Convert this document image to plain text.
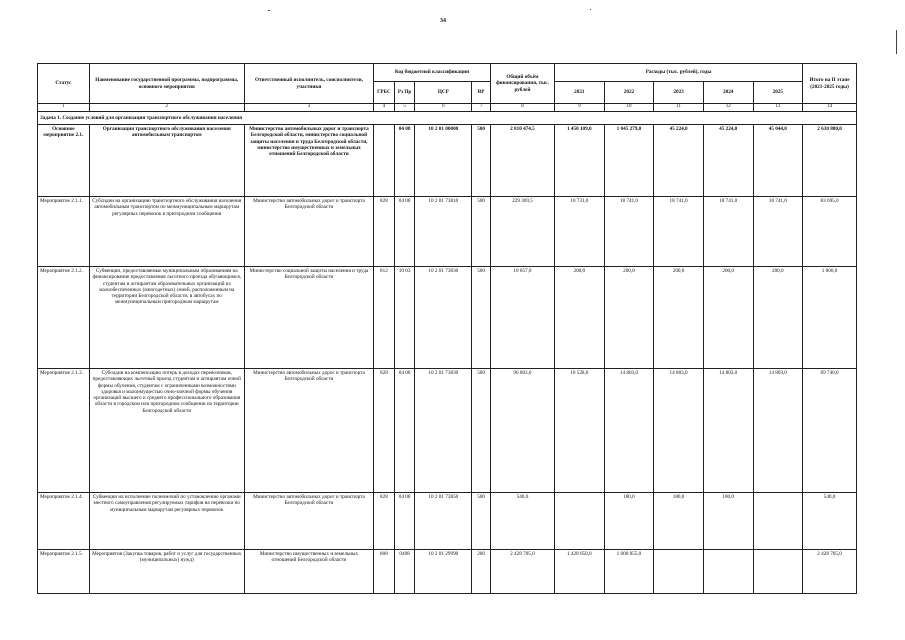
34
Статус	Наименование государственной программы, подпрограммы, основного мероприятия	Ответственный исполнитель, соисполнители, участники	Код бюджетной классификации				Общий объём финансирования, тыс. рублей	Расходы (тыс. рублей), годы					Итого на II этапе (2021-2025 годы)
			ГРБС	Рз Пр	ЦСР	ВР		2021	2022	2023	2024	2025	
1	2	3	4	5	6	7	8	9	10	11	12	13	14
Задача 1. Создание условий для организации транспортного обслуживания населения													
Основное мероприятие 2.1.	Организация транспортного обслуживания населения автомобильным транспортом	Министерство автомобильных дорог и транспорта Белгородской области, министерство социальной защиты населения и труда Белгородской области, министерство имущественных и земельных отношений Белгородской области		04 08	10 2 01 00000	500	2 810 474,5	1 450 109,0	1 045 279,0	45 224,0	45 224,0	45 044,0	2 630 880,0
Мероприятие 2.1.1.	Субсидии на организацию транспортного обслуживания населения автомобильным транспортом по межмуниципальным маршрутам регулярных перевозок в пригородном сообщении	Министерство автомобильных дорог и транспорта Белгородской области	828	04 08	10 2 01 73810	500	229 369,5	10 731,0	18 741,0	18 741,0	18 741,0	18 741,0	83 695,0
Мероприятие 2.1.2.	Субвенции, предоставляемые муниципальным образованиям на финансирование предоставления льготного проезда обучающимся, студентам и аспирантам образовательных организаций из малообеспеченных (многодетных) семей, расположенным на территории Белгородской области, в автобусах по межмуниципальным пригородным маршрутам	Министерство социальной защиты населения и труда Белгородской области	812	10 03	10 2 01 73830	500	10 057,0	200,0	200,0	200,0	200,0	200,0	1 000,0
Мероприятие 2.1.3.	Субсидии на компенсацию потерь в доходах перевозчиков, предоставляющих льготный проезд студентам и аспирантам очной формы обучения, студентам с ограниченными возможностями здоровья и малоимущестью очно-заочной формы обучения организаций высшего и среднего профессионального образования области в городском или пригородном сообщении на территории Белгородской области	Министерство автомобильных дорог и транспорта Белгородской области	828	04 08	10 2 01 73830	500	96 803,0	10 528,0	14 803,0	14 803,0	14 803,0	14 803,0	69 740,0
Мероприятие 2.1.4.	Субвенции на исполнение полномочий по установлению органами местного самоуправления регулируемых тарифов на перевозки по муниципальным маршрутам регулярных перевозок	Министерство автомобильных дорог и транспорта Белгородской области	828	04 08	10 2 01 73850	500	540,0		180,0	180,0	180,0		540,0
Мероприятие 2.1.5.	Мероприятия (Закупка товаров, работ и услуг для государственных (муниципальных) нужд)	Министерство имущественных и земельных отношений Белгородской области	808	0408	10 2 01 29990	200	2 428 705,0	1 428 650,0	1 000 055,0				2 428 705,0
